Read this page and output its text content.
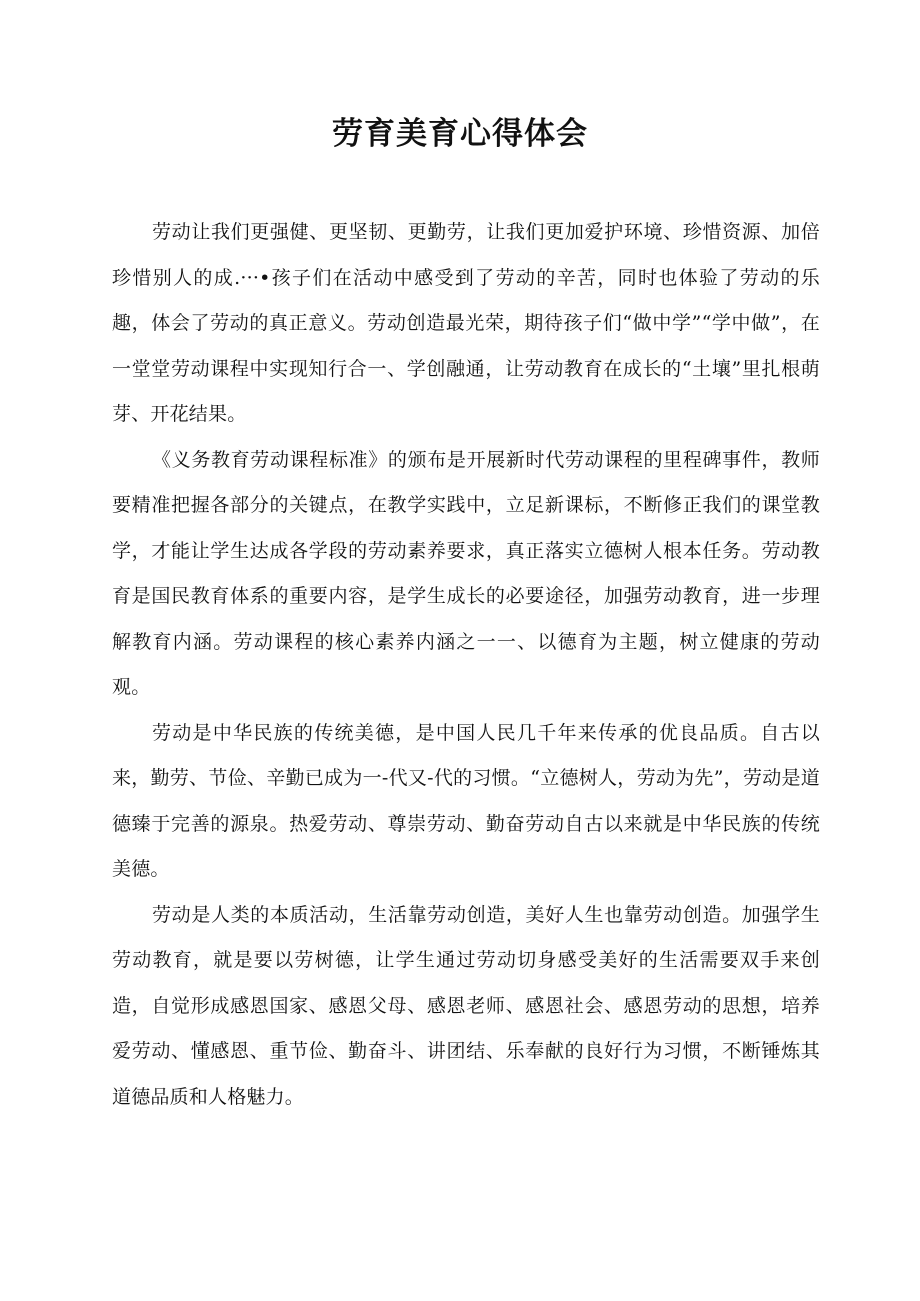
劳育美育心得体会

劳动让我们更强健、更坚韧、更勤劳，让我们更加爱护环境、珍惜资源、加倍珍惜别人的成.···•孩子们在活动中感受到了劳动的辛苦，同时也体验了劳动的乐趣，体会了劳动的真正意义。劳动创造最光荣，期待孩子们“做中学”“学中做”，在一堂堂劳动课程中实现知行合一、学创融通，让劳动教育在成长的“土壤”里扎根萌芽、开花结果。

《义务教育劳动课程标准》的颁布是开展新时代劳动课程的里程碑事件，教师要精准把握各部分的关键点，在教学实践中，立足新课标，不断修正我们的课堂教学，才能让学生达成各学段的劳动素养要求，真正落实立德树人根本任务。劳动教育是国民教育体系的重要内容，是学生成长的必要途径，加强劳动教育，进一步理解教育内涵。劳动课程的核心素养内涵之一一、以德育为主题，树立健康的劳动观。

劳动是中华民族的传统美德，是中国人民几千年来传承的优良品质。自古以来，勤劳、节俭、辛勤已成为一-代又-代的习惯。“立德树人，劳动为先”，劳动是道德臻于完善的源泉。热爱劳动、尊崇劳动、勤奋劳动自古以来就是中华民族的传统美德。

劳动是人类的本质活动，生活靠劳动创造，美好人生也靠劳动创造。加强学生劳动教育，就是要以劳树德，让学生通过劳动切身感受美好的生活需要双手来创造，自觉形成感恩国家、感恩父母、感恩老师、感恩社会、感恩劳动的思想，培养爱劳动、懂感恩、重节俭、勤奋斗、讲团结、乐奉献的良好行为习惯，不断锤炼其道德品质和人格魅力。
